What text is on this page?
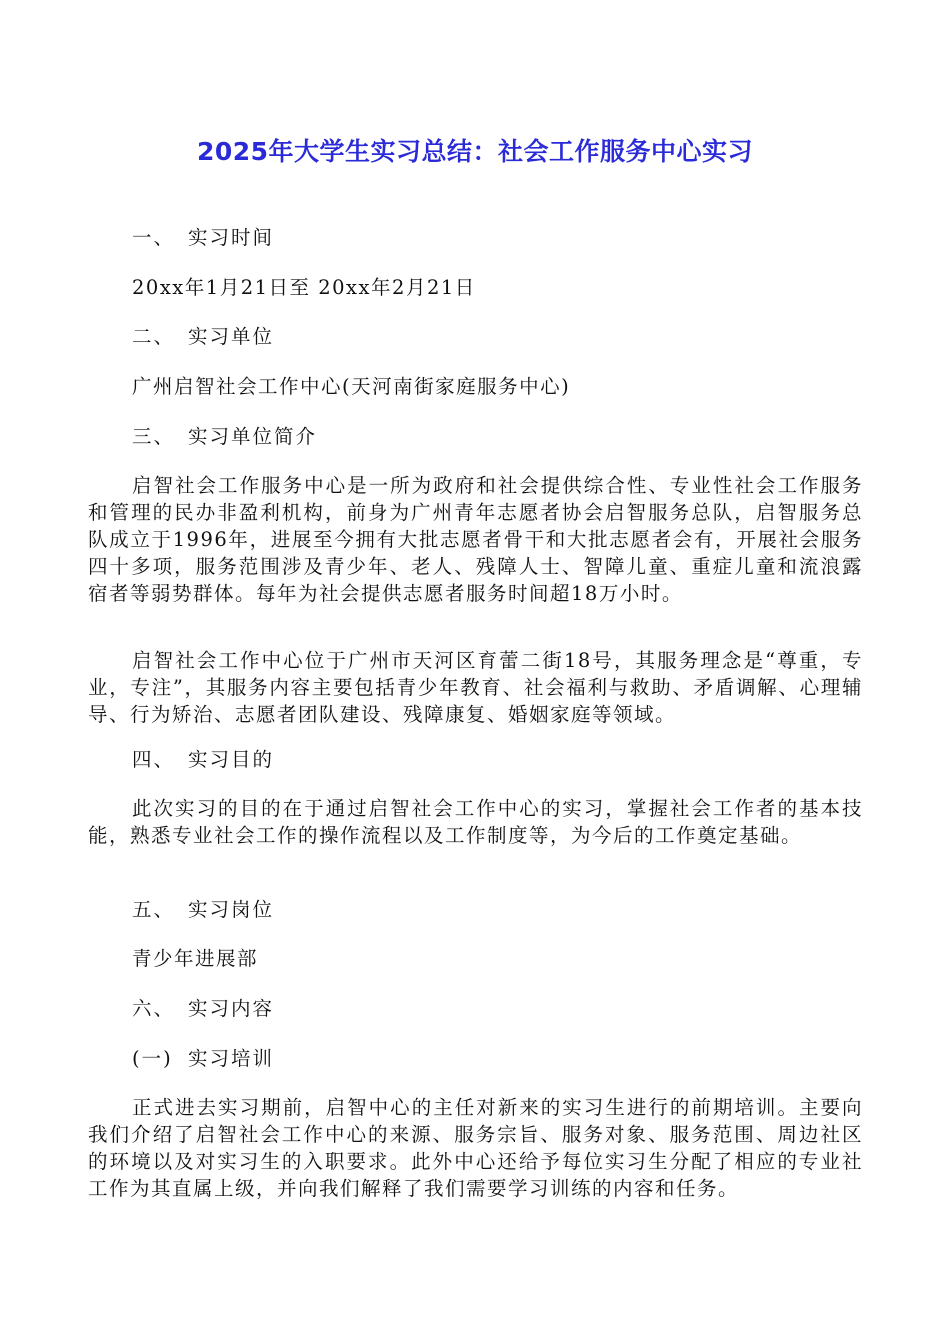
2025年大学生实习总结：社会工作服务中心实习
一、 实习时间
20xx年1月21日至 20xx年2月21日
二、 实习单位
广州启智社会工作中心(天河南街家庭服务中心)
三、 实习单位简介

启智社会工作服务中心是一所为政府和社会提供综合性、专业性社会工作服务和管理的民办非盈利机构，前身为广州青年志愿者协会启智服务总队，启智服务总队成立于1996年，进展至今拥有大批志愿者骨干和大批志愿者会有，开展社会服务四十多项，服务范围涉及青少年、老人、残障人士、智障儿童、重症儿童和流浪露宿者等弱势群体。每年为社会提供志愿者服务时间超18万小时。

启智社会工作中心位于广州市天河区育蕾二街18号，其服务理念是“尊重，专业，专注”，其服务内容主要包括青少年教育、社会福利与救助、矛盾调解、心理辅导、行为矫治、志愿者团队建设、残障康复、婚姻家庭等领域。

四、 实习目的

此次实习的目的在于通过启智社会工作中心的实习，掌握社会工作者的基本技能，熟悉专业社会工作的操作流程以及工作制度等，为今后的工作奠定基础。

五、 实习岗位
青少年进展部
六、 实习内容
(一) 实习培训

正式进去实习期前，启智中心的主任对新来的实习生进行的前期培训。主要向我们介绍了启智社会工作中心的来源、服务宗旨、服务对象、服务范围、周边社区的环境以及对实习生的入职要求。此外中心还给予每位实习生分配了相应的专业社工作为其直属上级，并向我们解释了我们需要学习训练的内容和任务。
